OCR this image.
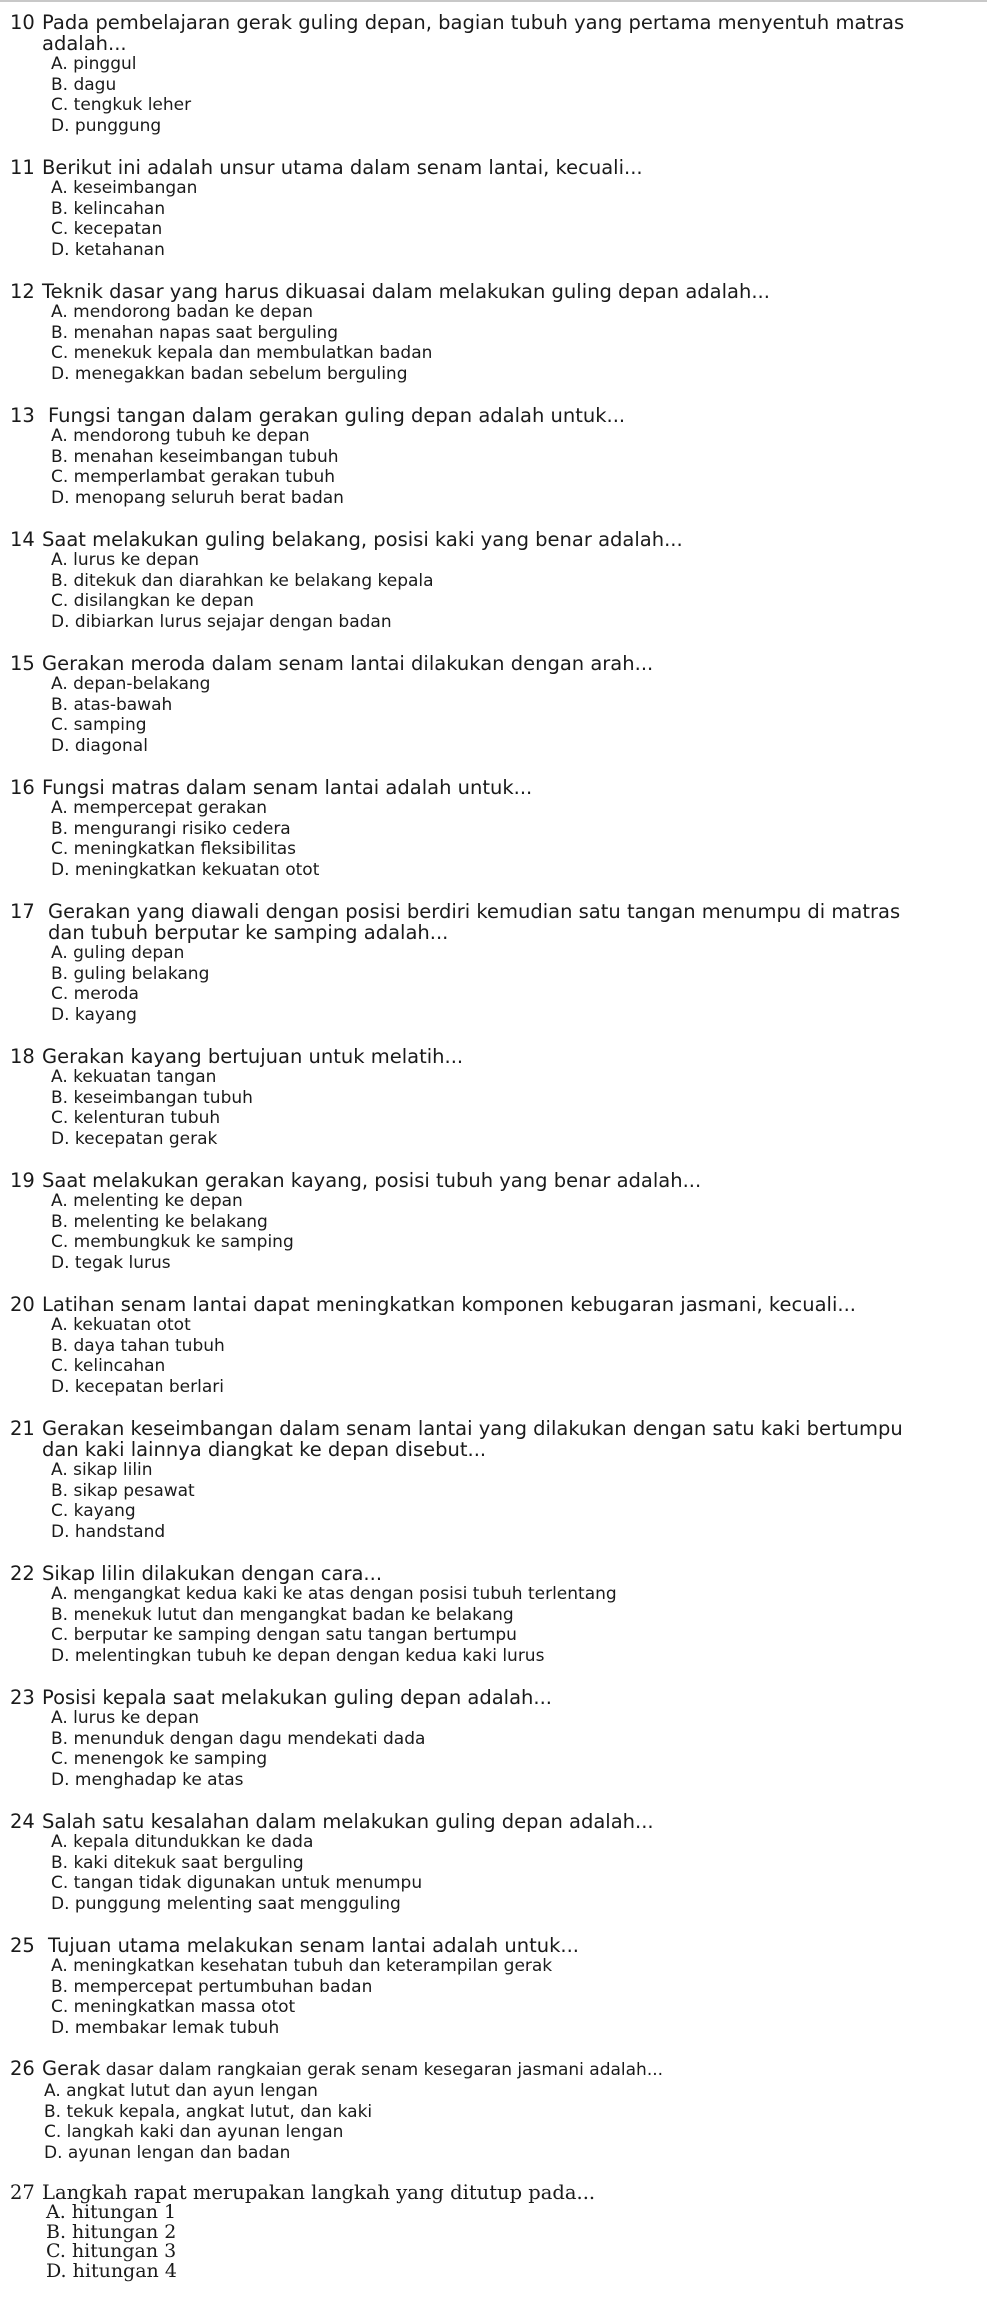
10 Pada pembelajaran gerak guling depan, bagian tubuh yang pertama menyentuh matras adalah...
A. pinggul
B. dagu
C. tengkuk leher
D. punggung
11 Berikut ini adalah unsur utama dalam senam lantai, kecuali...
A. keseimbangan
B. kelincahan
C. kecepatan
D. ketahanan
12 Teknik dasar yang harus dikuasai dalam melakukan guling depan adalah...
A. mendorong badan ke depan
B. menahan napas saat berguling
C. menekuk kepala dan membulatkan badan
D. menegakkan badan sebelum berguling
13 Fungsi tangan dalam gerakan guling depan adalah untuk...
A. mendorong tubuh ke depan
B. menahan keseimbangan tubuh
C. memperlambat gerakan tubuh
D. menopang seluruh berat badan
14 Saat melakukan guling belakang, posisi kaki yang benar adalah...
A. lurus ke depan
B. ditekuk dan diarahkan ke belakang kepala
C. disilangkan ke depan
D. dibiarkan lurus sejajar dengan badan
15 Gerakan meroda dalam senam lantai dilakukan dengan arah...
A. depan-belakang
B. atas-bawah
C. samping
D. diagonal
16 Fungsi matras dalam senam lantai adalah untuk...
A. mempercepat gerakan
B. mengurangi risiko cedera
C. meningkatkan fleksibilitas
D. meningkatkan kekuatan otot
17 Gerakan yang diawali dengan posisi berdiri kemudian satu tangan menumpu di matras dan tubuh berputar ke samping adalah...
A. guling depan
B. guling belakang
C. meroda
D. kayang
18 Gerakan kayang bertujuan untuk melatih...
A. kekuatan tangan
B. keseimbangan tubuh
C. kelenturan tubuh
D. kecepatan gerak
19 Saat melakukan gerakan kayang, posisi tubuh yang benar adalah...
A. melenting ke depan
B. melenting ke belakang
C. membungkuk ke samping
D. tegak lurus
20 Latihan senam lantai dapat meningkatkan komponen kebugaran jasmani, kecuali...
A. kekuatan otot
B. daya tahan tubuh
C. kelincahan
D. kecepatan berlari
21 Gerakan keseimbangan dalam senam lantai yang dilakukan dengan satu kaki bertumpu dan kaki lainnya diangkat ke depan disebut...
A. sikap lilin
B. sikap pesawat
C. kayang
D. handstand
22 Sikap lilin dilakukan dengan cara...
A. mengangkat kedua kaki ke atas dengan posisi tubuh terlentang
B. menekuk lutut dan mengangkat badan ke belakang
C. berputar ke samping dengan satu tangan bertumpu
D. melentingkan tubuh ke depan dengan kedua kaki lurus
23 Posisi kepala saat melakukan guling depan adalah...
A. lurus ke depan
B. menunduk dengan dagu mendekati dada
C. menengok ke samping
D. menghadap ke atas
24 Salah satu kesalahan dalam melakukan guling depan adalah...
A. kepala ditundukkan ke dada
B. kaki ditekuk saat berguling
C. tangan tidak digunakan untuk menumpu
D. punggung melenting saat mengguling
25 Tujuan utama melakukan senam lantai adalah untuk...
A. meningkatkan kesehatan tubuh dan keterampilan gerak
B. mempercepat pertumbuhan badan
C. meningkatkan massa otot
D. membakar lemak tubuh
26 Gerak dasar dalam rangkaian gerak senam kesegaran jasmani adalah...
A. angkat lutut dan ayun lengan
B. tekuk kepala, angkat lutut, dan kaki
C. langkah kaki dan ayunan lengan
D. ayunan lengan dan badan
27 Langkah rapat merupakan langkah yang ditutup pada...
A. hitungan 1
B. hitungan 2
C. hitungan 3
D. hitungan 4
